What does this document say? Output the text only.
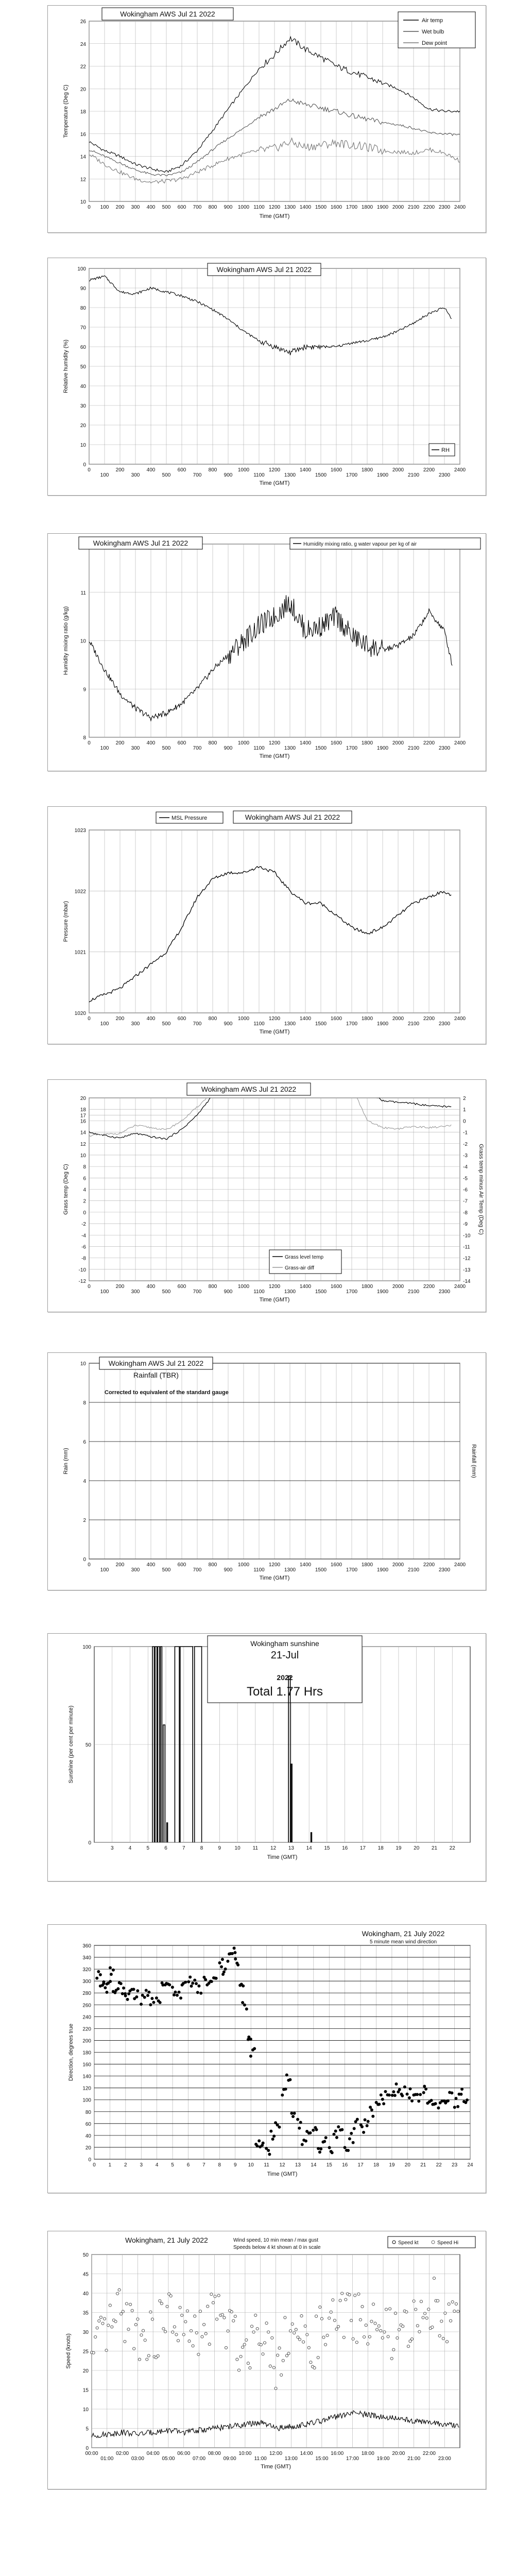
0 100 200 300 400 500 600 700 800 900 1000 1100 1200 1300 1400 1500 1600 1700 1800 1900 2000 2100 2200 2300 2400
10
12
14
16
18
20
22
24
26
Time (GMT)
Temperature (Deg C)
Wokingham AWS Jul 21 2022
Air temp
Wet bulb
Dew point
0
100
200
300
400
500
600
700
800
900
1000
1100
1200
1300
1400
1500
1600
1700
1800
1900
2000
2100
2200
2300
2400
0
10
20
30
40
50
60
70
80
90
100
Time (GMT)
Relative humidity (%)
Wokingham AWS Jul 21 2022
RH
0
100
200
300
400
500
600
700
800
900
1000
1100
1200
1300
1400
1500
1600
1700
1800
1900
2000
2100
2200
2300
2400
8
9
10
11
Time (GMT)
Humidity mixing ratio (g/kg)
Wokingham AWS Jul 21 2022	Humidity mixing ratio, g water vapour per kg of air
0
100
200
300
400
500
600
700
800
900
1000
1100
1200
1300
1400
1500
1600
1700
1800
1900
2000
2100
2200
2300
2400
1020
1021
1022
1023
Time (GMT)
Pressure (mbar)
Wokingham AWS Jul 21 2022
MSL Pressure
0
100
200
300
400
500
600
700
800
900
1000
1100
1200
1300
1400
1500
1600
1700
1800
1900
2000
2100
2200
2300
2400
-12
-10
-8
-6
-4
-2
0
2
4
6
8
10
12
14
16
17
18
20
Time (GMT)
Grass temp (Deg C)
Wokingham AWS Jul 21 2022
-14
-13
-12
-11
-10
-9
-8
-7
-6
-5
-4
-3
-2
-1
0
1
2
Grass temp minus Air Temp (Deg C)
Grass level temp
Grass-air diff
0
100
200
300
400
500
600
700
800
900
1000
1100
1200
1300
1400
1500
1600
1700
1800
1900
2000
2100
2200
2300
2400
0
2
4
6
8
10
Time (GMT)
Rain (mm)
Wokingham AWS Jul 21 2022
Rainfall (TBR)
Corrected to equivalent of the standard gauge
Rainfall (mm)
3	4	5	6	7	8	9	10 11 12 13 14 15 16 17 18 19 20 21 22
0
50
100
Time (GMT)
Sunshine (per cent per minute)
Wokingham sunshine
21-Jul
2022
Total 1.77 Hrs
0 1 2 3 4 5 6 7 8 9 10 11 12 13 14 15 16 17 18 19 20 21 22 23 24
0
20
40
60
80
100
120
140
160
180
200
220
240
260
280
300
320
340
360
Time (GMT)
Direction, degrees true
Wokingham, 21 July 2022
5 minute mean wind direction
00:00
01:00
02:00
03:00
04:00
05:00
06:00
07:00
08:00
09:00
10:00
11:00
12:00
13:00
14:00
15:00
16:00
17:00
18:00
19:00
20:00
21:00
22:00
23:00
0
5
10
15
20
25
30
35
40
45
50
Time (GMT)
Speed (knots)
Wokingham, 21 July 2022	Wind speed, 10 min mean / max gust
Speeds below 4 kt shown at 0 in scale
Speed kt	Speed Hi
